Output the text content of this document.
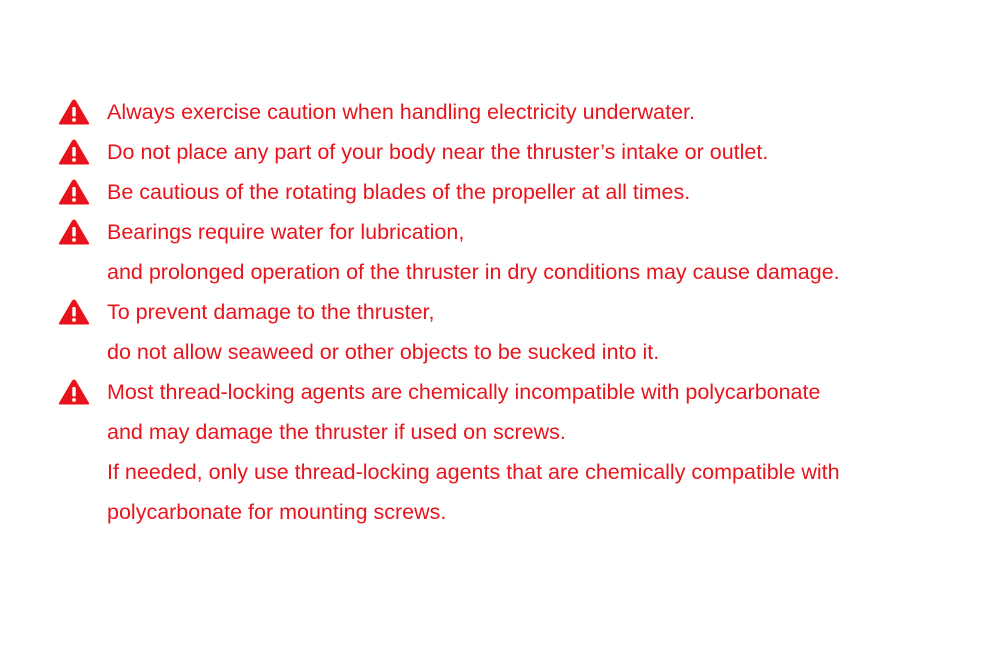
Always exercise caution when handling electricity underwater.
Do not place any part of your body near the thruster’s intake or outlet.
Be cautious of the rotating blades of the propeller at all times.
Bearings require water for lubrication,
and prolonged operation of the thruster in dry conditions may cause damage.
To prevent damage to the thruster,
do not allow seaweed or other objects to be sucked into it.
Most thread-locking agents are chemically incompatible with polycarbonate
and may damage the thruster if used on screws.
If needed, only use thread-locking agents that are chemically compatible with
polycarbonate for mounting screws.
